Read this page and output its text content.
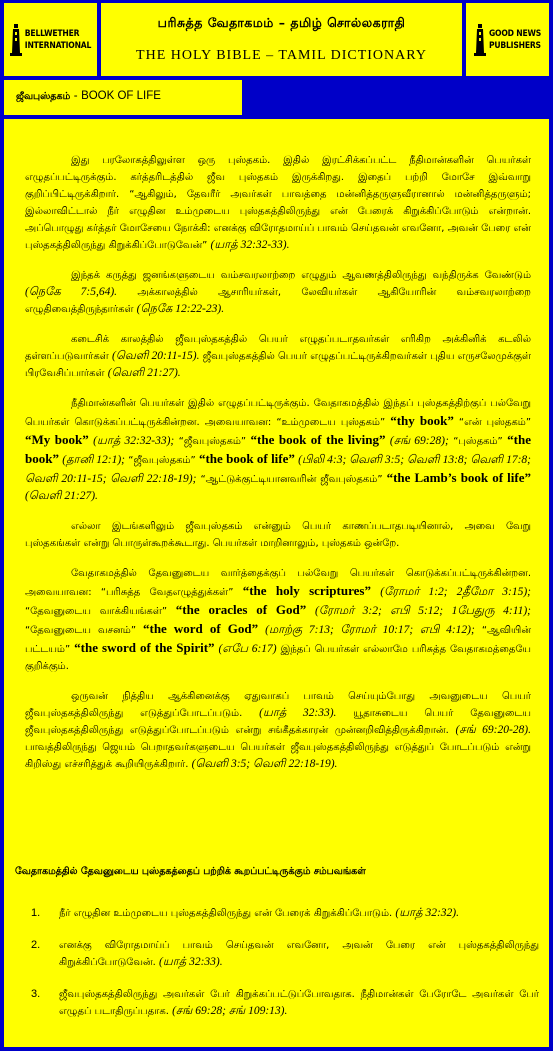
BELLWETHER
INTERNATIONAL
பரிசுத்த வேதாகமம் – தமிழ் சொல்லகராதி
THE HOLY BIBLE – TAMIL DICTIONARY
GOOD NEWS
PUBLISHERS
ஜீவபுஸ்தகம் - BOOK OF LIFE

இது பரலோகத்திலுள்ள ஒரு புஸ்தகம். இதில் இரட்சிக்கப்பட்ட நீதிமான்களின் பெயர்கள் எழுதப்பட்டிருக்கும். கர்த்தரிடத்தில் ஜீவ புஸ்தகம் இருக்கிறது. இதைப் பற்றி மோசே இவ்வாறு குறிப்பிட்டிருக்கிறார். “ஆகிலும், தேவரீர் அவர்கள் பாவத்தை மன்னித்தருளுவீரானால் மன்னித்தருளும்; இல்லாவிட்டால் நீர் எழுதின உம்முடைய புஸ்தகத்திலிருந்து என் பேரைக் கிறுக்கிப்போடும் என்றான். அப்பொழுது கர்த்தர் மோசேயை நோக்கி: எனக்கு விரோதமாய்ப் பாவம் செய்தவன் எவனோ, அவன் பேரை என் புஸ்தகத்திலிருந்து கிறுக்கிப்போடுவேன்” (யாத் 32:32-33).

இந்தக் கருத்து ஜனங்களுடைய வம்சவரலாற்றை எழுதும் ஆவணத்திலிருந்து வந்திருக்க வேண்டும் (நெகே 7:5,64). அக்காலத்தில் ஆசாரியர்கள், லேவியர்கள் ஆகியோரின் வம்சவரலாற்றை எழுதிவைத்திருந்தார்கள் (நெகே 12:22-23).

கடைசிக் காலத்தில் ஜீவபுஸ்தகத்தில் பெயர் எழுதப்படாதவர்கள் எரிகிற அக்கினிக் கடலில் தள்ளப்படுவார்கள் (வெளி 20:11-15). ஜீவபுஸ்தகத்தில் பெயர் எழுதப்பட்டிருக்கிறவர்கள் புதிய எருசலேமுக்குள் பிரவேசிப்பார்கள் (வெளி 21:27).

நீதிமான்களின் பெயர்கள் இதில் எழுதப்பட்டிருக்கும். வேதாகமத்தில் இந்தப் புஸ்தகத்திற்குப் பல்வேறு பெயர்கள் கொடுக்கப்பட்டிருக்கின்றன. அவையாவன: “உம்முடைய புஸ்தகம்” “thy book” “என் புஸ்தகம்” “My book” (யாத் 32:32-33); “ஜீவபுஸ்தகம்” “the book of the living” (சங் 69:28); “புஸ்தகம்” “the book” (தானி 12:1); “ஜீவபுஸ்தகம்” “the book of life” (பிலி 4:3; வெளி 3:5; வெளி 13:8; வெளி 17:8; வெளி 20:11-15; வெளி 22:18-19); “ஆட்டுக்குட்டியானவரின் ஜீவபுஸ்தகம்” “the Lamb’s book of life” (வெளி 21:27).

எல்லா இடங்களிலும் ஜீவபுஸ்தகம் என்னும் பெயர் காணப்படாதபடியினால், அவை வேறு புஸ்தகங்கள் என்று பொருள்கூறக்கூடாது. பெயர்கள் மாறினாலும், புஸ்தகம் ஒன்றே.

வேதாகமத்தில் தேவனுடைய வார்த்தைக்குப் பல்வேறு பெயர்கள் கொடுக்கப்பட்டிருக்கின்றன. அவையாவன: “பரிசுத்த வேதஎழுத்துக்கள்” “the holy scriptures” (ரோமர் 1:2; 2தீமோ 3:15); “தேவனுடைய வாக்கியங்கள்” “the oracles of God” (ரோமர் 3:2; எபி 5:12; 1பேதுரு 4:11); “தேவனுடைய வசனம்” “the word of God” (மாற்கு 7:13; ரோமர் 10:17; எபி 4:12); “ஆவியின் பட்டயம்” “the sword of the Spirit” (எபே 6:17) இந்தப் பெயர்கள் எல்லாமே பரிசுத்த வேதாகமத்தையே குறிக்கும்.

ஒருவன் நித்திய ஆக்கினைக்கு ஏதுவாகப் பாவம் செய்யும்போது அவனுடைய பெயர் ஜீவபுஸ்தகத்திலிருந்து எடுத்துப்போடப்படும். (யாத் 32:33). யூதாசுடைய பெயர் தேவனுடைய ஜீவபுஸ்தகத்திலிருந்து எடுத்துப்போடப்படும் என்று சங்கீதக்காரன் முன்னறிவித்திருக்கிறான். (சங் 69:20-28). பாவத்திலிருந்து ஜெயம் பெறாதவர்களுடைய பெயர்கள் ஜீவபுஸ்தகத்திலிருந்து எடுத்துப் போடப்படும் என்று கிறிஸ்து எச்சரித்துக் கூறியிருக்கிறார். (வெளி 3:5; வெளி 22:18-19).

வேதாகமத்தில் தேவனுடைய புஸ்தகத்தைப் பற்றிக் கூறப்பட்டிருக்கும் சம்பவங்கள்
1. நீர் எழுதின உம்முடைய புஸ்தகத்திலிருந்து என் பேரைக் கிறுக்கிப்போடும். (யாத் 32:32).
2. எனக்கு விரோதமாய்ப் பாவம் செய்தவன் எவனோ, அவன் பேரை என் புஸ்தகத்திலிருந்து கிறுக்கிப்போடுவேன். (யாத் 32:33).
3. ஜீவபுஸ்தகத்திலிருந்து அவர்கள் பேர் கிறுக்கப்பட்டுப்போவதாக. நீதிமான்கள் பேரோடே அவர்கள் பேர் எழுதப் படாதிருப்பதாக. (சங் 69:28; சங் 109:13).
